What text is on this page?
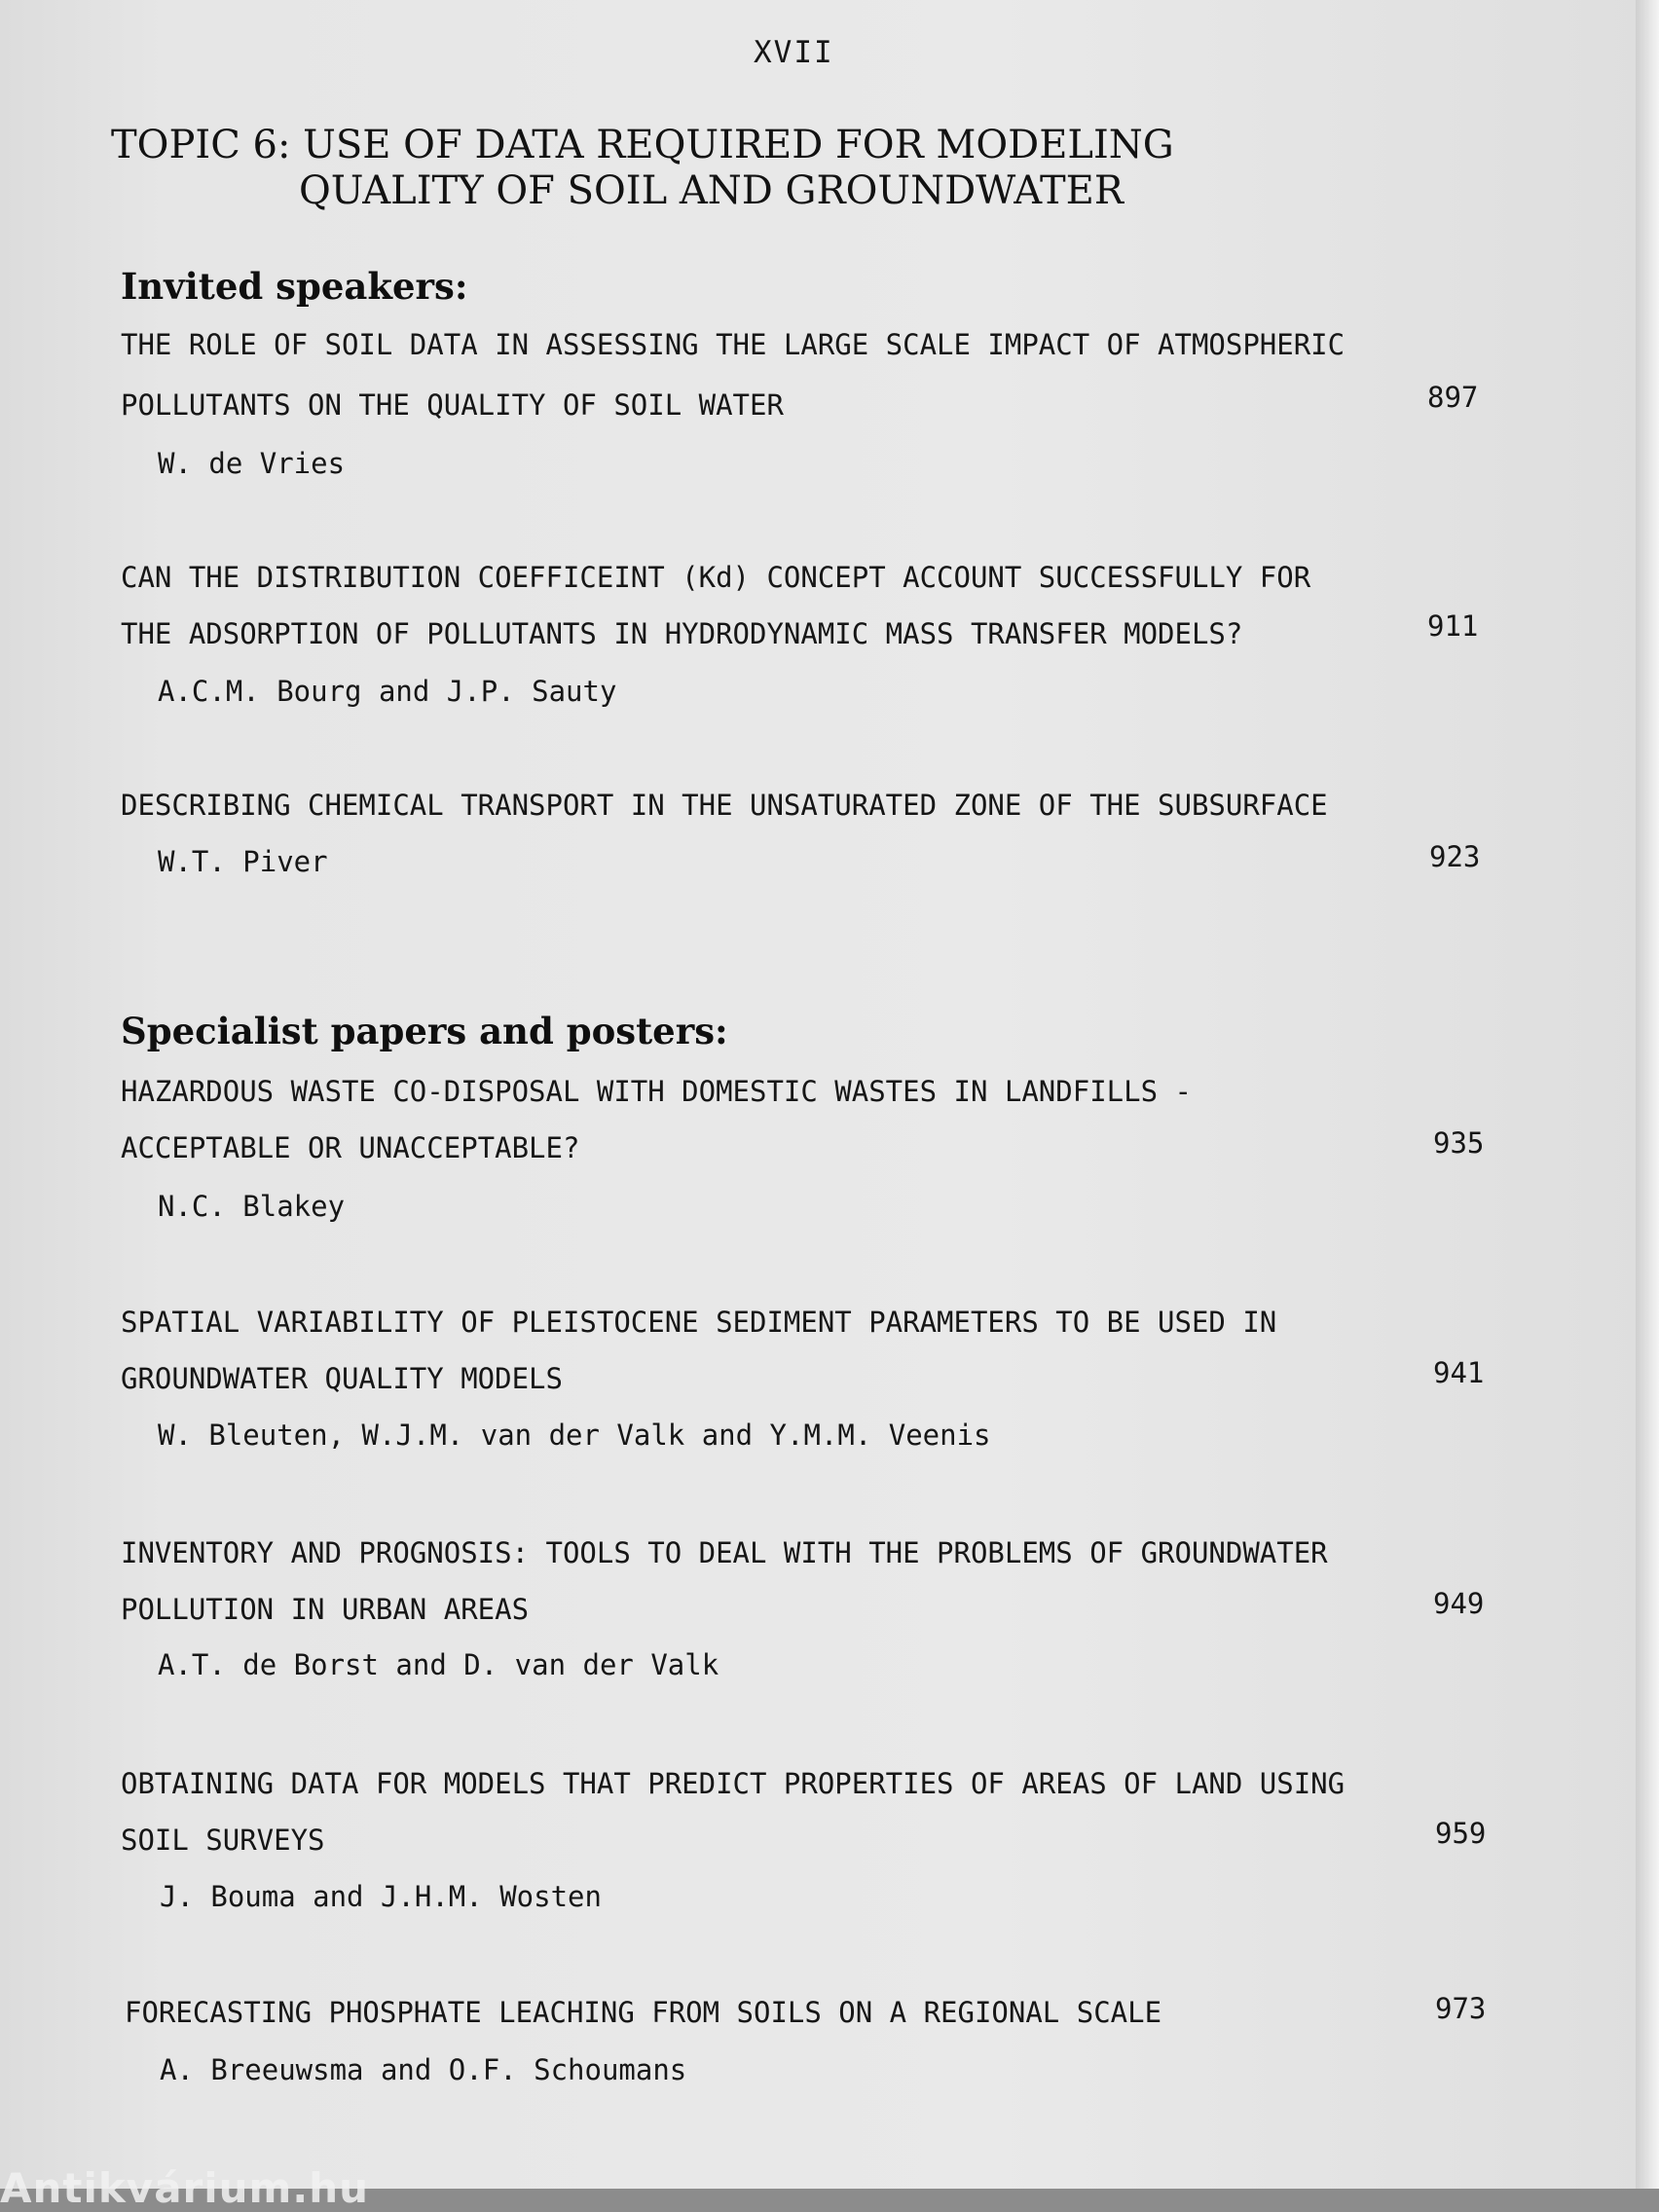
XVII
TOPIC 6: USE OF DATA REQUIRED FOR MODELING
QUALITY OF SOIL AND GROUNDWATER
Invited speakers:
Specialist papers and posters:
THE ROLE OF SOIL DATA IN ASSESSING THE LARGE SCALE IMPACT OF ATMOSPHERIC
POLLUTANTS ON THE QUALITY OF SOIL WATER	897
W. de Vries
CAN THE DISTRIBUTION COEFFICEINT (Kd) CONCEPT ACCOUNT SUCCESSFULLY FOR
THE ADSORPTION OF POLLUTANTS IN HYDRODYNAMIC MASS TRANSFER MODELS?	911
A.C.M. Bourg and J.P. Sauty
DESCRIBING CHEMICAL TRANSPORT IN THE UNSATURATED ZONE OF THE SUBSURFACE
923
W.T. Piver
HAZARDOUS WASTE CO-DISPOSAL WITH DOMESTIC WASTES IN LANDFILLS -
ACCEPTABLE OR UNACCEPTABLE?	935
N.C. Blakey
SPATIAL VARIABILITY OF PLEISTOCENE SEDIMENT PARAMETERS TO BE USED IN
GROUNDWATER QUALITY MODELS	941
W. Bleuten, W.J.M. van der Valk and Y.M.M. Veenis
INVENTORY AND PROGNOSIS: TOOLS TO DEAL WITH THE PROBLEMS OF GROUNDWATER
POLLUTION IN URBAN AREAS	949
A.T. de Borst and D. van der Valk
OBTAINING DATA FOR MODELS THAT PREDICT PROPERTIES OF AREAS OF LAND USING
SOIL SURVEYS	959
J. Bouma and J.H.M. Wosten
FORECASTING PHOSPHATE LEACHING FROM SOILS ON A REGIONAL SCALE	973
A. Breeuwsma and O.F. Schoumans
Antikvárium.hu
